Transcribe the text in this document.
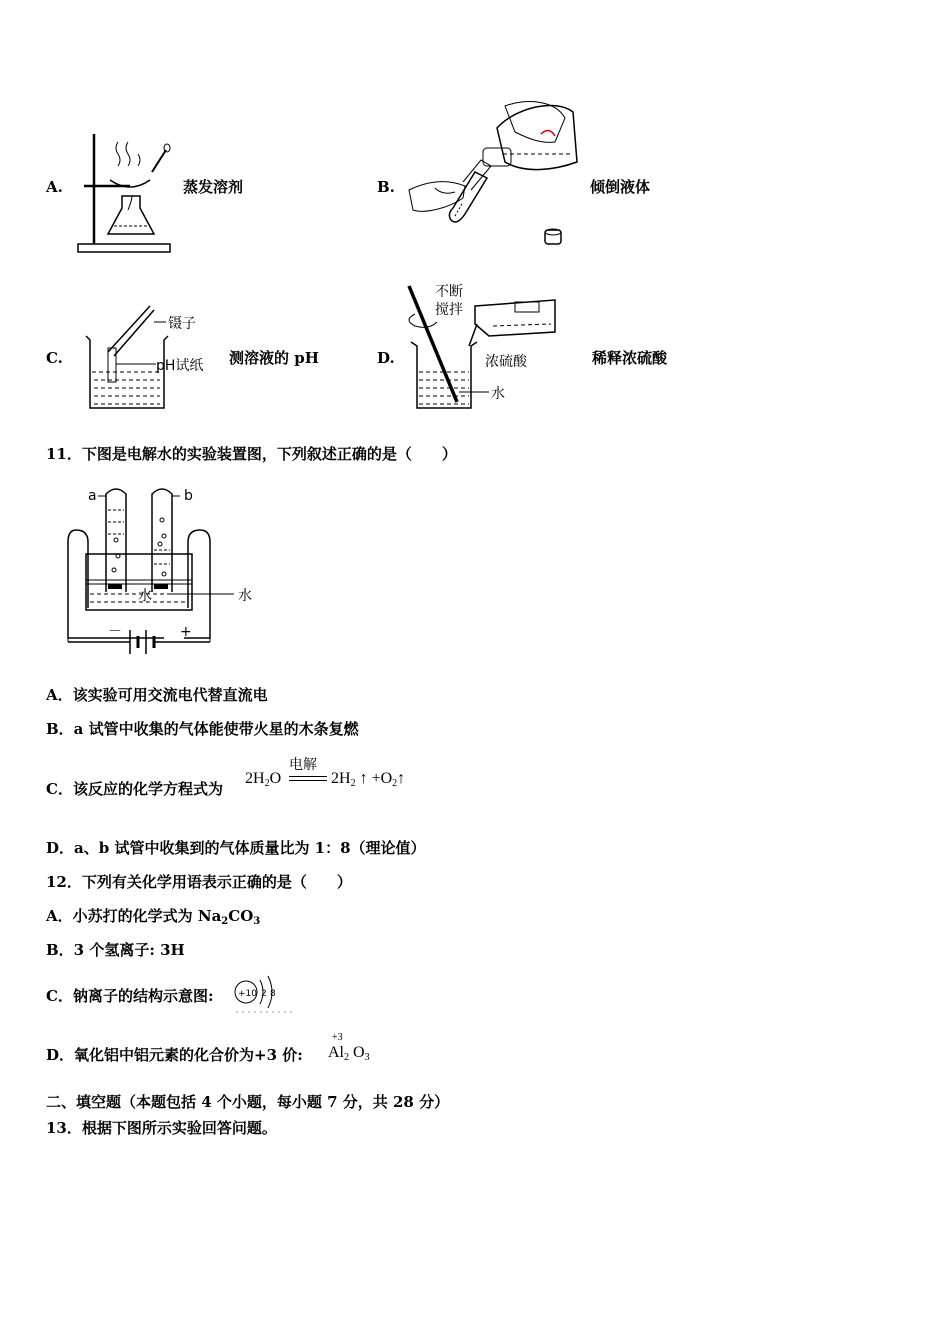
A.	蒸发溶剂	B.	倾倒液体
C.
镊子
pH试纸 测溶液的 pH	D.
不断
搅拌
浓硫酸
水
稀释浓硫酸
11．下图是电解水的实验装置图，下列叙述正确的是（　　）
a	b
水	水
－	+
A．该实验可用交流电代替直流电
B．a 试管中收集的气体能使带火星的木条复燃
C．该反应的化学方程式为
$2H_2O$
电解
$2H_2$ ↑ $+O_2↑$
D．a、b 试管中收集到的气体质量比为 1：8（理论值）
12．下列有关化学用语表示正确的是（　　）
A．小苏打的化学式为 $Na_2CO_3$
B．3 个氢离子: 3H
C．钠离子的结构示意图:	+10 2 8
D．氧化铝中铝元素的化合价为+3 价:
+3
$Al_2$ $O_3$
二、填空题（本题包括 4 个小题，每小题 7 分，共 28 分）
13．根据下图所示实验回答问题。
